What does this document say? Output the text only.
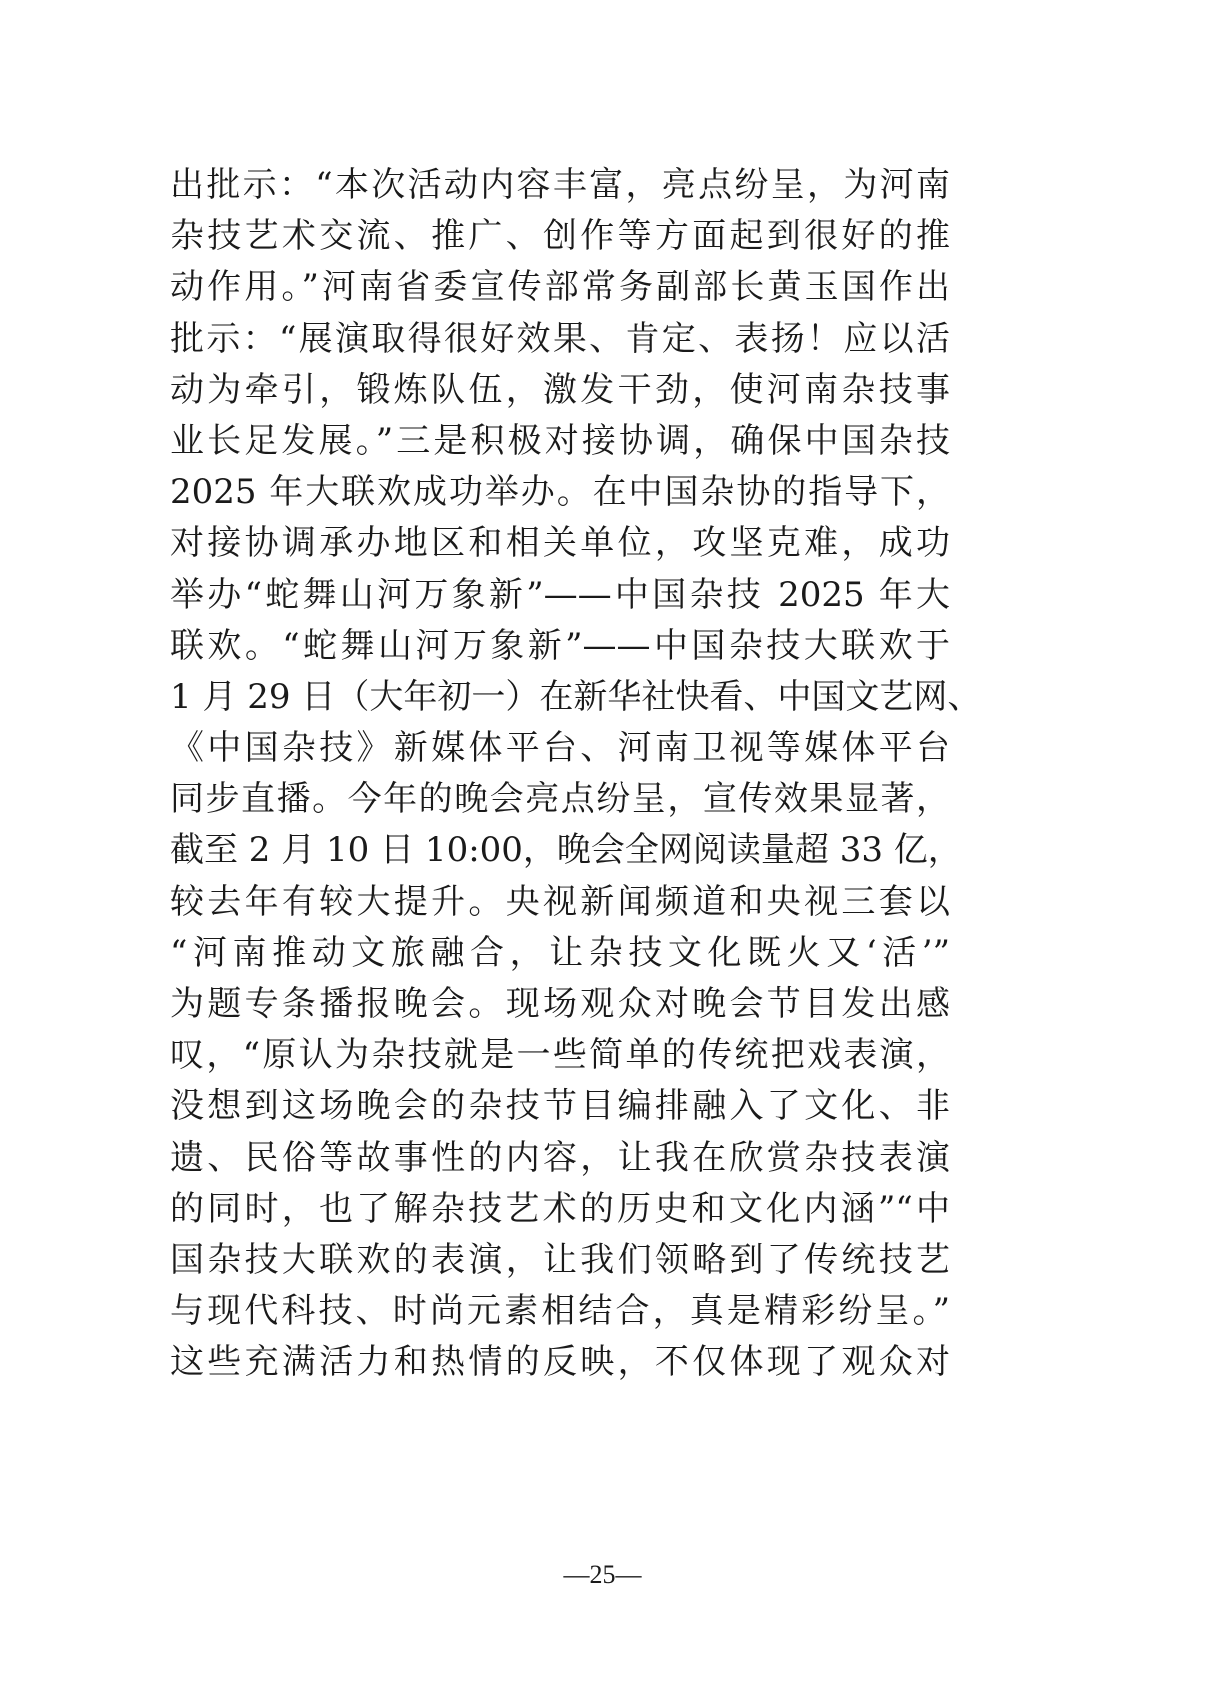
出批示：“本次活动内容丰富，亮点纷呈，为河南
杂技艺术交流、推广、创作等方面起到很好的推
动作用。”河南省委宣传部常务副部长黄玉国作出
批示：“展演取得很好效果、肯定、表扬！应以活
动为牵引，锻炼队伍，激发干劲，使河南杂技事
业长足发展。”三是积极对接协调，确保中国杂技
2025 年大联欢成功举办。在中国杂协的指导下，
对接协调承办地区和相关单位，攻坚克难，成功
举办“蛇舞山河万象新”——中国杂技 2025 年大
联欢。“蛇舞山河万象新”——中国杂技大联欢于
1 月 29 日（大年初一）在新华社快看、中国文艺网、
《中国杂技》新媒体平台、河南卫视等媒体平台
同步直播。今年的晚会亮点纷呈，宣传效果显著，
截至 2 月 10 日 10:00，晚会全网阅读量超 33 亿，
较去年有较大提升。央视新闻频道和央视三套以
“河南推动文旅融合，让杂技文化既火又‘活’”
为题专条播报晚会。现场观众对晚会节目发出感
叹，“原认为杂技就是一些简单的传统把戏表演，
没想到这场晚会的杂技节目编排融入了文化、非
遗、民俗等故事性的内容，让我在欣赏杂技表演
的同时，也了解杂技艺术的历史和文化内涵”“中
国杂技大联欢的表演，让我们领略到了传统技艺
与现代科技、时尚元素相结合，真是精彩纷呈。”
这些充满活力和热情的反映，不仅体现了观众对
—25—
